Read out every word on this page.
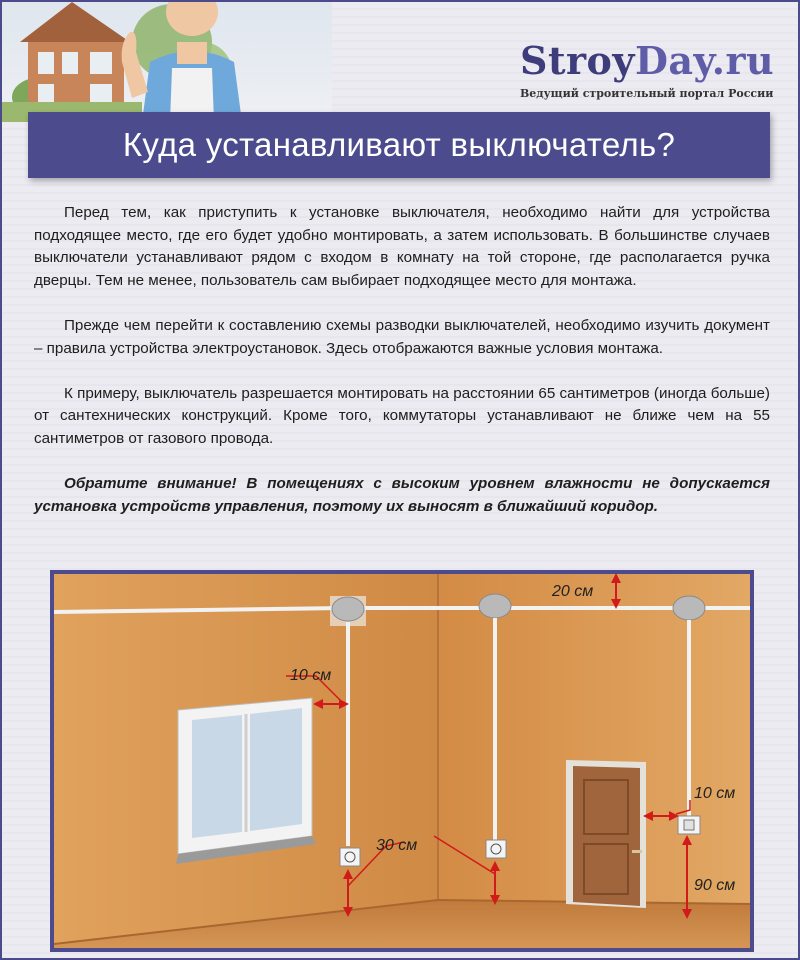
StroyDay.ru
Ведущий строительный портал России
Куда устанавливают выключатель?

Перед тем, как приступить к установке выключателя, необходимо найти для устройства подходящее место, где его будет удобно монтировать, а затем использовать. В большинстве случаев выключатели устанавливают рядом с входом в комнату на той стороне, где располагается ручка дверцы. Тем не менее, пользователь сам выбирает подходящее место для монтажа.

Прежде чем перейти к составлению схемы разводки выключателей, необходимо изучить документ – правила устройства электроустановок. Здесь отображаются важные условия монтажа.

К примеру, выключатель разрешается монтировать на расстоянии 65 сантиметров (иногда больше) от сантехнических конструкций. Кроме того, коммутаторы устанавливают не ближе чем на 55 сантиметров от газового провода.

Обратите внимание! В помещениях с высоким уровнем влажности не допускается установка устройств управления, поэтому их выносят в ближайший коридор.

20 см
10 см
30 см
10 см
90 см
